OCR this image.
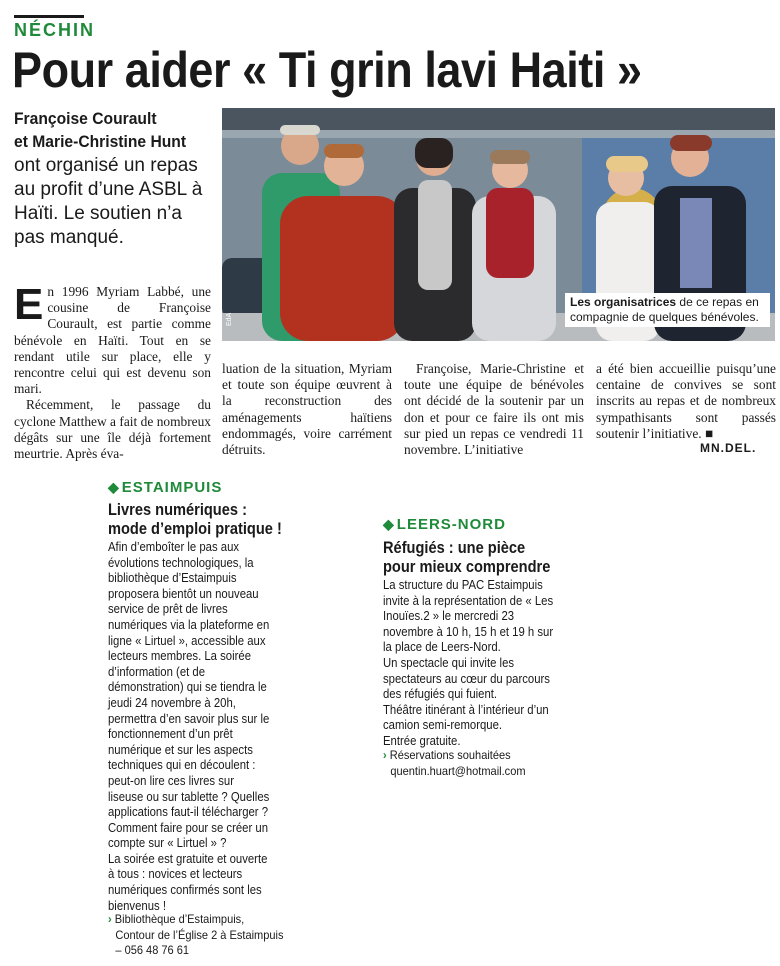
NÉCHIN
Pour aider « Ti grin lavi Haiti »
Françoise Courault
et Marie-Christine Hunt
ont organisé un repas au profit d’une ASBL à Haïti. Le soutien n’a pas manqué.
Les organisatrices de ce repas en compagnie de quelques bénévoles.
EdA

En 1996 Myriam Labbé, une cousine de Françoise Courault, est partie comme bénévole en Haïti. Tout en se rendant utile sur place, elle y rencontre celui qui est devenu son mari.

Récemment, le passage du cyclone Matthew a fait de nombreux dégâts sur une île déjà fortement meurtrie. Après éva-

luation de la situation, Myriam et toute son équipe œuvrent à la reconstruction des aménagements haïtiens endommagés, voire carrément détruits.

Françoise, Marie-Christine et toute une équipe de bénévoles ont décidé de la soutenir par un don et pour ce faire ils ont mis sur pied un repas ce vendredi 11 novembre. L’initiative

a été bien accueillie puisqu’une centaine de convives se sont inscrits au repas et de nombreux sympathisants sont passés soutenir l’initiative. ■

MN.DEL.
◆ ESTAIMPUIS
Livres numériques :
mode d’emploi pratique !

Afin d’emboîter le pas aux évolutions technologiques, la bibliothèque d’Estaimpuis proposera bientôt un nouveau service de prêt de livres numériques via la plateforme en ligne « Lirtuel », accessible aux lecteurs membres. La soirée d’information (et de démonstration) qui se tiendra le jeudi 24 novembre à 20h, permettra d’en savoir plus sur le fonctionnement d’un prêt numérique et sur les aspects techniques qui en découlent : peut-on lire ces livres sur liseuse ou sur tablette ? Quelles applications faut-il télécharger ? Comment faire pour se créer un compte sur « Lirtuel » ?

La soirée est gratuite et ouverte à tous : novices et lecteurs numériques confirmés sont les bienvenus !

› Bibliothèque d’Estaimpuis,
Contour de l’Église 2 à Estaimpuis
– 056 48 76 61
◆ LEERS-NORD
Réfugiés : une pièce
pour mieux comprendre

La structure du PAC Estaimpuis invite à la représentation de « Les Inouïes.2 » le mercredi 23 novembre à 10 h, 15 h et 19 h sur la place de Leers-Nord.

Un spectacle qui invite les spectateurs au cœur du parcours des réfugiés qui fuient.

Théâtre itinérant à l’intérieur d’un camion semi-remorque.

Entrée gratuite.

› Réservations souhaitées
quentin.huart@hotmail.com
